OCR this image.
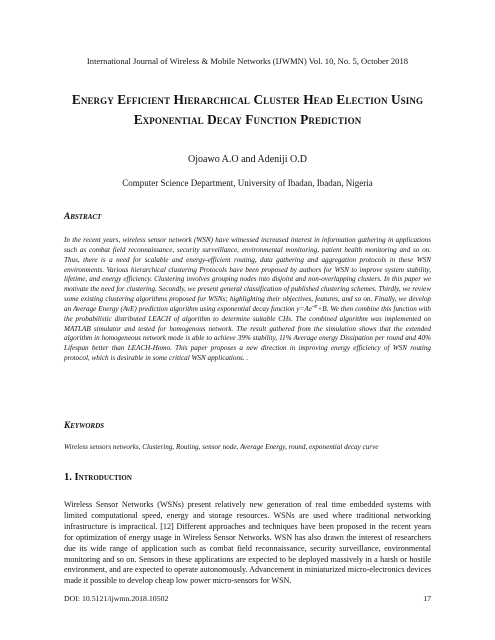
International Journal of Wireless & Mobile Networks (IJWMN) Vol. 10, No. 5, October 2018
Energy Efficient Hierarchical Cluster Head Election Using Exponential Decay Function Prediction
Ojoawo A.O and Adeniji O.D
Computer Science Department, University of Ibadan, Ibadan, Nigeria
Abstract
In the recent years, wireless sensor network (WSN) have witnessed increased interest in information gathering in applications such as combat field reconnaissance, security surveillance, environmental monitoring, patient health monitoring and so on. Thus, there is a need for scalable and energy-efficient routing, data gathering and aggregation protocols in these WSN environments. Various hierarchical clustering Protocols have been proposed by authors for WSN to improve system stability, lifetime, and energy efficiency. Clustering involves grouping nodes into disjoint and non-overlapping clusters. In this paper we motivate the need for clustering. Secondly, we present general classification of published clustering schemes. Thirdly, we review some existing clustering algorithms proposed for WSNs; highlighting their objectives, features, and so on. Finally, we develop an Average Energy (AvE) prediction algorithm using exponential decay function $y=Ae^{-at}+B$. We then combine this function with the probabilistic distributed LEACH of algorithm to determine suitable CHs. The combined algorithm was implemented on MATLAB simulator and tested for homogenous network. The result gathered from the simulation shows that the extended algorithm in homogeneous network mode is able to achieve 39% stability, 11% Average energy Dissipation per round and 40% Lifespan better than LEACH-Homo. This paper proposes a new direction in improving energy efficiency of WSN routing protocol, which is desirable in some critical WSN applications. .
Keywords
Wireless sensors networks, Clustering, Routing, sensor node, Average Energy, round, exponential decay curve
1. Introduction
Wireless Sensor Networks (WSNs) present relatively new generation of real time embedded systems with limited computational speed, energy and storage resources. WSNs are used where traditional networking infrastructure is impractical. [12] Different approaches and techniques have been proposed in the recent years for optimization of energy usage in Wireless Sensor Networks. WSN has also drawn the interest of researchers due its wide range of application such as combat field reconnaissance, security surveillance, environmental monitoring and so on. Sensors in these applications are expected to be deployed massively in a harsh or hostile environment, and are expected to operate autonomously. Advancement in miniaturized micro-electronics devices made it possible to develop cheap low power micro-sensors for WSN.
DOI: 10.5121/ijwmn.2018.10502	17
